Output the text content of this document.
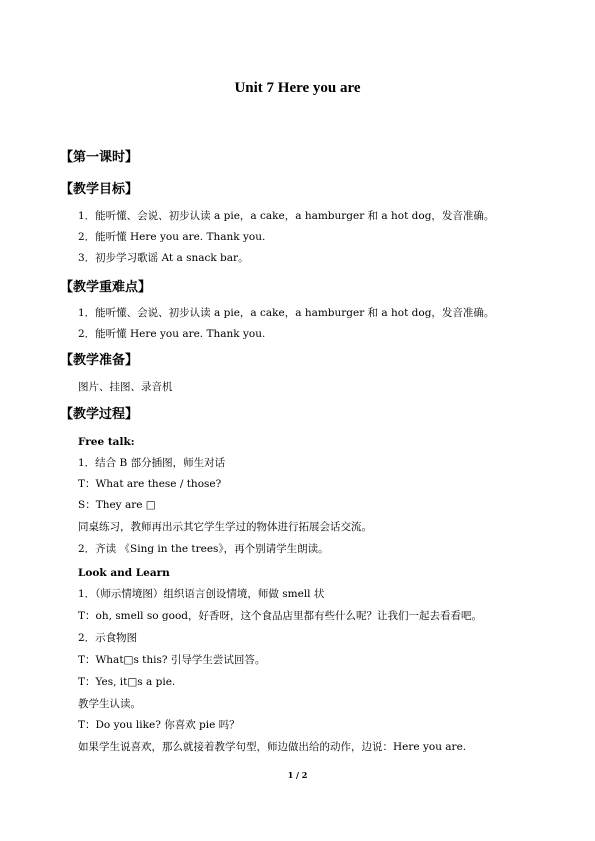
Unit 7 Here you are
【第一课时】
【教学目标】
1．能听懂、会说、初步认读 a pie，a cake，a hamburger 和 a hot dog，发音准确。
2．能听懂 Here you are. Thank you.
3．初步学习歌谣 At a snack bar。
【教学重难点】
1．能听懂、会说、初步认读 a pie，a cake，a hamburger 和 a hot dog，发音准确。
2．能听懂 Here you are. Thank you.
【教学准备】
图片、挂图、录音机
【教学过程】
Free talk:
1．结合 B 部分插图，师生对话
T：What are these / those?
S：They are □
同桌练习，教师再出示其它学生学过的物体进行拓展会话交流。
2．齐读 《Sing in the trees》，再个别请学生朗读。
Look and Learn
1．（师示情境图）组织语言创设情境，师做 smell 状
T：oh, smell so good，好香呀，这个食品店里都有些什么呢？让我们一起去看看吧。
2．示食物图
T：What□s this? 引导学生尝试回答。
T：Yes, it□s a pie.
教学生认读。
T：Do you like? 你喜欢 pie 吗？
如果学生说喜欢，那么就接着教学句型，师边做出给的动作，边说：Here you are.
1 / 2
